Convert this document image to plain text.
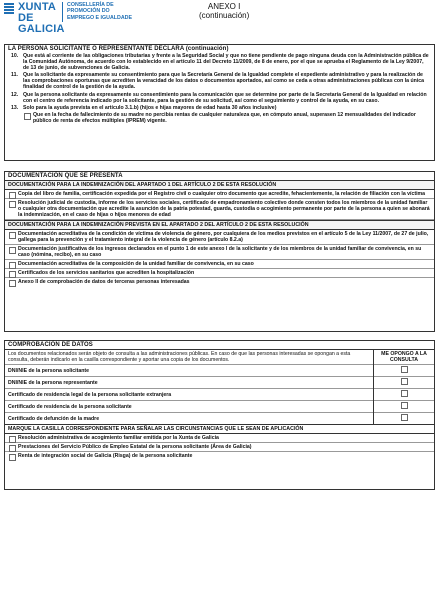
XUNTA DE GALICIA
CONSELLERÍA DE
PROMOCIÓN DO
EMPREGO E IGUALDADE
ANEXO I
(continuación)
LA PERSONA SOLICITANTE O REPRESENTANTE DECLARA (continuación)
10. Que está al corriente de las obligaciones tributarias y frente a la Seguridad Social y que no tiene pendiente de pago ninguna deuda con la Administración pública de la Comunidad Autónoma, de acuerdo con lo establecido en el artículo 11 del Decreto 11/2009, de 8 de enero, por el que se aprueba el Reglamento de la Ley 9/2007, de 13 de junio, de subvenciones de Galicia.
11. Que la solicitante da expresamente su consentimiento para que la Secretaría General de la Igualdad complete el expediente administrativo y para la realización de las comprobaciones oportunas que acrediten la veracidad de los datos o documentos aportados, así como se ceda a otras administraciones públicas con la única finalidad de control de la gestión de la ayuda.
12. Que la persona solicitante da expresamente su consentimiento para la comunicación que se determine por parte de la Secretaría General de la Igualdad en relación con el centro de referencia indicado por la solicitante, para la gestión de su solicitud, así como el seguimiento y control de la ayuda, en su caso.
13. Solo para la ayuda prevista en el artículo 3.1.b) (hijos e hijas mayores de edad hasta 30 años inclusive)
Que en la fecha de fallecimiento de su madre no percibía rentas de cualquier naturaleza que, en cómputo anual, superasen 12 mensualidades del indicador público de renta de efectos múltiples (IPREM) vigente.
DOCUMENTACIÓN QUE SE PRESENTA
DOCUMENTACIÓN PARA LA INDEMNIZACIÓN DEL APARTADO 1 DEL ARTÍCULO 2 DE ESTA RESOLUCIÓN
Copia del libro de familia, certificación expedida por el Registro civil o cualquier otro documento que acredite, fehacientemente, la relación de filiación con la víctima
Resolución judicial de custodia, informe de los servicios sociales, certificado de empadronamiento colectivo donde consten todos los miembros de la unidad familiar o cualquier otra documentación que acredite la asunción de la patria potestad, guarda, custodia o acogimiento permanente por parte de la persona a quien se abonará la indemnización, en el caso de hijas o hijos menores de edad
DOCUMENTACIÓN PARA LA INDEMNIZACIÓN PREVISTA EN EL APARTADO 2 DEL ARTÍCULO 2 DE ESTA RESOLUCIÓN
Documentación acreditativa de la condición de víctima de violencia de género, por cualquiera de los medios previstos en el artículo 5 de la Ley 11/2007, de 27 de julio, gallega para la prevención y el tratamiento integral de la violencia de género (artículo 8.2.a)
Documentación justificativa de los ingresos declarados en el punto 1 de este anexo I de la solicitante y de los miembros de la unidad familiar de convivencia, en su caso (nómina, recibo), en su caso
Documentación acreditativa de la composición de la unidad familiar de convivencia, en su caso
Certificados de los servicios sanitarios que acrediten la hospitalización
Anexo II de comprobación de datos de terceras personas interesadas
COMPROBACIÓN DE DATOS
Los documentos relacionados serán objeto de consulta a las administraciones públicas. En caso de que las personas interesadas se opongan a esta consulta, deberán indicarlo en la casilla correspondiente y aportar una copia de los documentos.	ME OPONGO A LA CONSULTA
DNI/NIE de la persona solicitante	
DNI/NIE de la persona representante	
Certificado de residencia legal de la persona solicitante extranjera	
Certificado de residencia de la persona solicitante	
Certificado de defunción de la madre	
MARQUE LA CASILLA CORRESPONDIENTE PARA SEÑALAR LAS CIRCUNSTANCIAS QUE LE SEAN DE APLICACIÓN
Resolución administrativa de acogimiento familiar emitida por la Xunta de Galicia
Prestaciones del Servicio Público de Empleo Estatal de la persona solicitante (Área de Galicia)
Renta de integración social de Galicia (Risga) de la persona solicitante
